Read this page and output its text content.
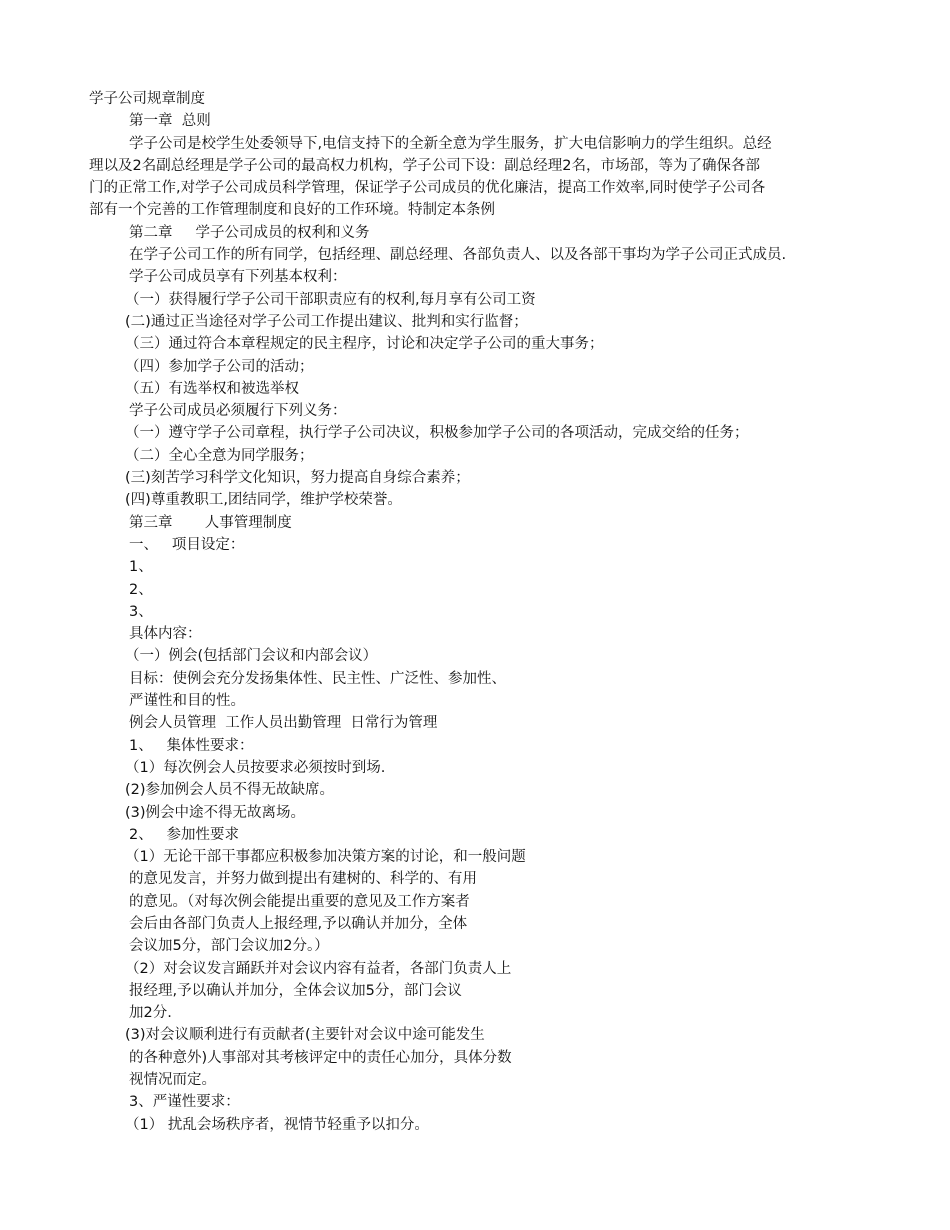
学子公司规章制度
第一章  总则
学子公司是校学生处委领导下,电信支持下的全新全意为学生服务，扩大电信影响力的学生组织。总经
理以及2名副总经理是学子公司的最高权力机构，学子公司下设：副总经理2名，市场部，等为了确保各部
门的正常工作,对学子公司成员科学管理，保证学子公司成员的优化廉洁，提高工作效率,同时使学子公司各
部有一个完善的工作管理制度和良好的工作环境。特制定本条例
第二章     学子公司成员的权利和义务
在学子公司工作的所有同学，包括经理、副总经理、各部负责人、以及各部干事均为学子公司正式成员.
学子公司成员享有下列基本权利：
（一）获得履行学子公司干部职责应有的权利,每月享有公司工资
(二)通过正当途径对学子公司工作提出建议、批判和实行监督；
（三）通过符合本章程规定的民主程序，讨论和决定学子公司的重大事务；
（四）参加学子公司的活动；
（五）有选举权和被选举权
学子公司成员必须履行下列义务：
（一）遵守学子公司章程，执行学子公司决议，积极参加学子公司的各项活动，完成交给的任务；
（二）全心全意为同学服务；
(三)刻苦学习科学文化知识，努力提高自身综合素养；
(四)尊重教职工,团结同学，维护学校荣誉。
第三章       人事管理制度
一、   项目设定：
1、
2、
3、
具体内容：
（一）例会(包括部门会议和内部会议）
目标：使例会充分发扬集体性、民主性、广泛性、参加性、
严谨性和目的性。
例会人员管理  工作人员出勤管理  日常行为管理
1、   集体性要求：
（1）每次例会人员按要求必须按时到场.
(2)参加例会人员不得无故缺席。
(3)例会中途不得无故离场。
2、   参加性要求
（1）无论干部干事都应积极参加决策方案的讨论，和一般问题
的意见发言，并努力做到提出有建树的、科学的、有用
的意见。（对每次例会能提出重要的意见及工作方案者
会后由各部门负责人上报经理,予以确认并加分，全体
会议加5分，部门会议加2分。）
（2）对会议发言踊跃并对会议内容有益者，各部门负责人上
报经理,予以确认并加分，全体会议加5分，部门会议
加2分.
(3)对会议顺利进行有贡献者(主要针对会议中途可能发生
的各种意外)人事部对其考核评定中的责任心加分，具体分数
视情况而定。
3、严谨性要求：
（1） 扰乱会场秩序者，视情节轻重予以扣分。
